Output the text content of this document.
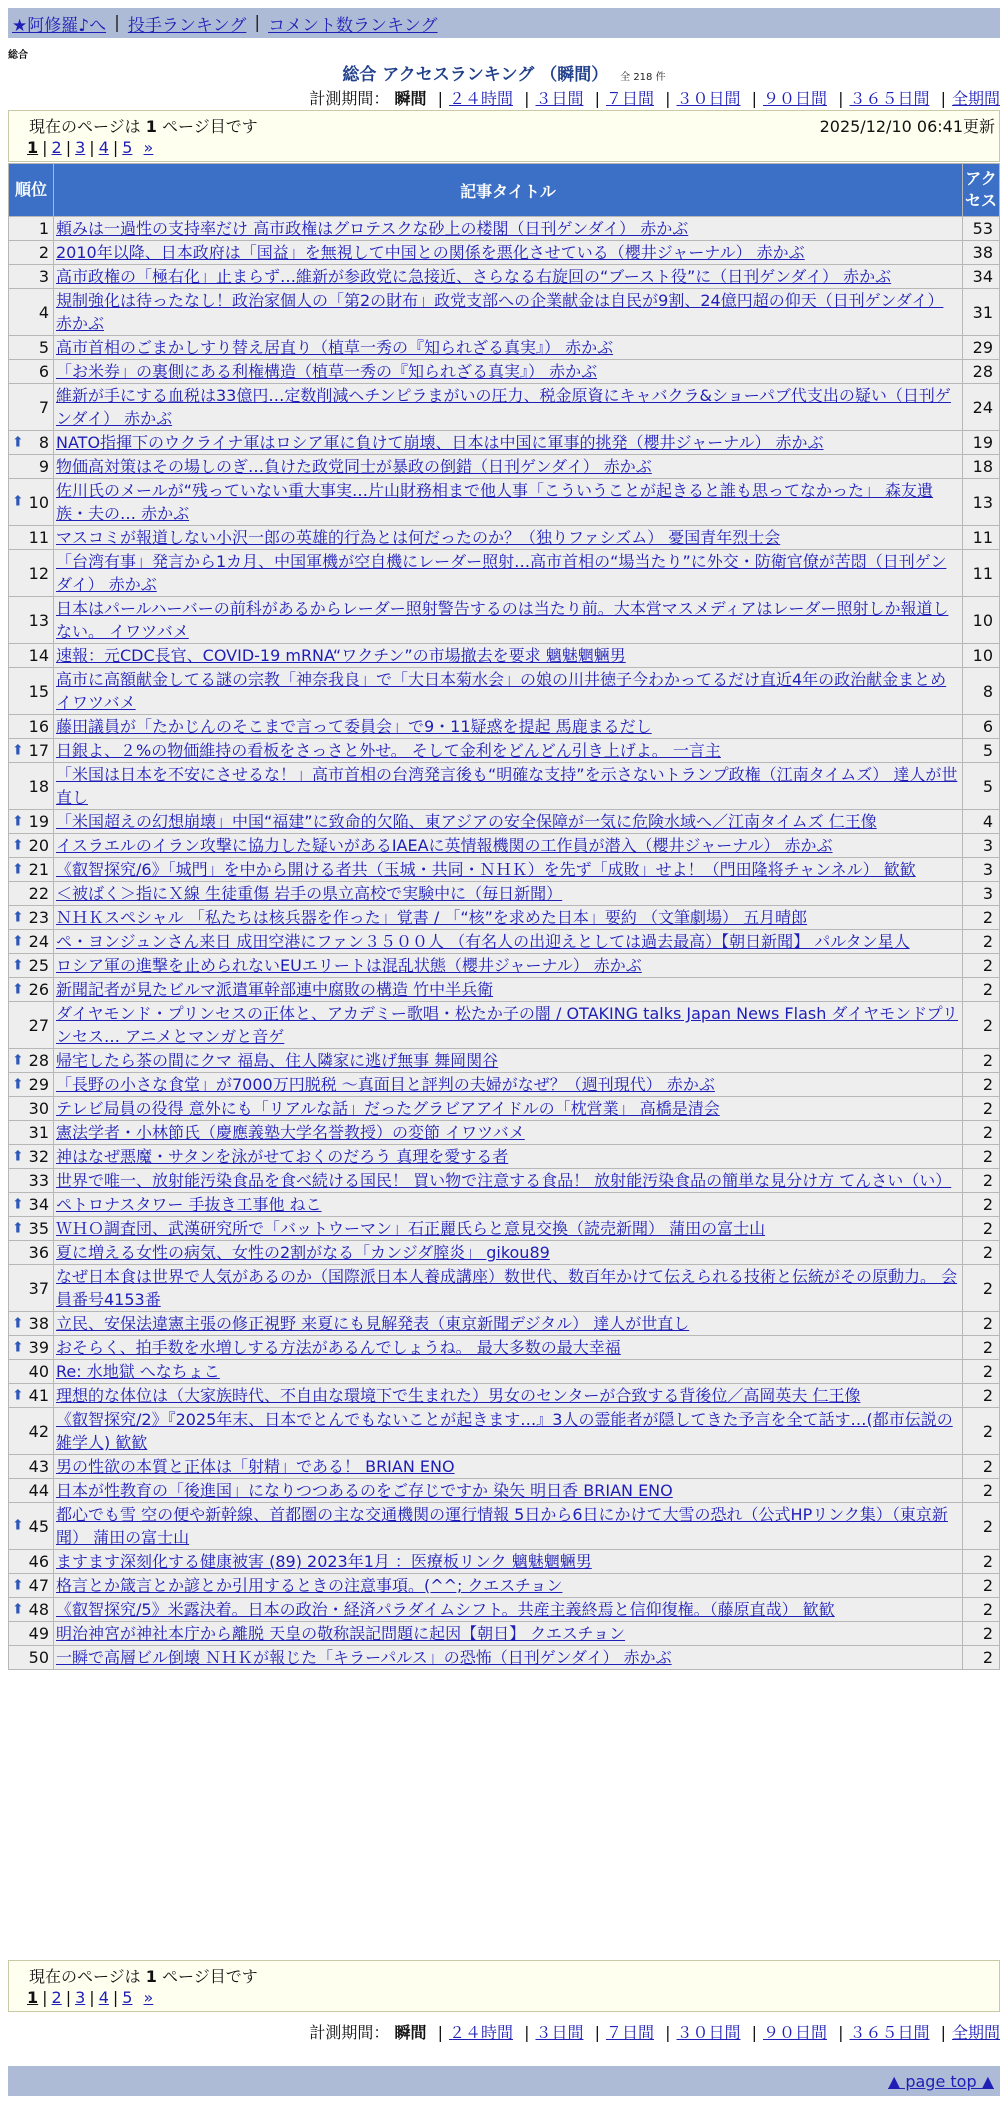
★阿修羅♪へ | 投手ランキング | コメント数ランキング
総合
総合 アクセスランキング （瞬間） 全 218 件
計測期間： 瞬間 | ２４時間 | ３日間 | ７日間 | ３０日間 | ９０日間 | ３６５日間 | 全期間
現在のページは 1 ページ目です	2025/12/10 06:41更新
1 | 2 | 3 | 4 | 5 »
順位	記事タイトル	アクセス
1	頼みは一過性の支持率だけ 高市政権はグロテスクな砂上の楼閣（日刊ゲンダイ） 赤かぶ	53
2	2010年以降、日本政府は「国益」を無視して中国との関係を悪化させている（櫻井ジャーナル） 赤かぶ	38
3	高市政権の「極右化」止まらず…維新が参政党に急接近、さらなる右旋回の“ブースト役”に（日刊ゲンダイ） 赤かぶ	34
4	規制強化は待ったなし！政治家個人の「第2の財布」政党支部への企業献金は自民が9割、24億円超の仰天（日刊ゲンダイ） 赤かぶ	31
5	高市首相のごまかしすり替え居直り（植草一秀の『知られざる真実』） 赤かぶ	29
6	「お米券」の裏側にある利権構造（植草一秀の『知られざる真実』） 赤かぶ	28
7	維新が手にする血税は33億円…定数削減ヘチンピラまがいの圧力、税金原資にキャバクラ&ショーパブ代支出の疑い（日刊ゲンダイ） 赤かぶ	24

⬆ 8	NATO指揮下のウクライナ軍はロシア軍に負けて崩壊、日本は中国に軍事的挑発（櫻井ジャーナル） 赤かぶ	19
9	物価高対策はその場しのぎ…負けた政党同士が暴政の倒錯（日刊ゲンダイ） 赤かぶ	18

⬆ 10	佐川氏のメールが“残っていない重大事実…片山財務相まで他人事「こういうことが起きると誰も思ってなかった」 森友遺族・夫の… 赤かぶ	13
11	マスコミが報道しない小沢一郎の英雄的行為とは何だったのか？（独りファシズム） 憂国青年烈士会	11
12	「台湾有事」発言から1カ月、中国軍機が空自機にレーダー照射…高市首相の“場当たり”に外交・防衛官僚が苦悶（日刊ゲンダイ） 赤かぶ	11
13	日本はパールハーバーの前科があるからレーダー照射警告するのは当たり前。大本営マスメディアはレーダー照射しか報道しない。 イワツバメ	10
14	速報：元CDC長官、COVID-19 mRNA“ワクチン”の市場撤去を要求 魑魅魍魎男	10
15	高市に高額献金してる謎の宗教「神奈我良」で「大日本菊水会」の娘の川井徳子今わかってるだけ直近4年の政治献金まとめ イワツバメ	8
16	藤田議員が「たかじんのそこまで言って委員会」で9・11疑惑を提起 馬鹿まるだし	6

⬆ 17	日銀よ、２%の物価維持の看板をさっさと外せ。 そして金利をどんどん引き上げよ。 一言主	5
18	「米国は日本を不安にさせるな！」高市首相の台湾発言後も“明確な支持”を示さないトランプ政権（江南タイムズ） 達人が世直し	5

⬆ 19	「米国超えの幻想崩壊」中国“福建”に致命的欠陥、東アジアの安全保障が一気に危険水域へ／江南タイムズ 仁王像	4

⬆ 20	イスラエルのイラン攻撃に協力した疑いがあるIAEAに英情報機関の工作員が潜入（櫻井ジャーナル） 赤かぶ	3

⬆ 21	《叡智探究/6》「城門」を中から開ける者共（玉城・共同・ＮＨＫ）を先ず「成敗」せよ！（門田隆将チャンネル） 歓歓	3
22	＜被ばく＞指にＸ線 生徒重傷 岩手の県立高校で実験中に（毎日新聞）	3

⬆ 23	ＮＨＫスペシャル 「私たちは核兵器を作った」覚書 / 「“核”を求めた日本」要約 （文筆劇場） 五月晴郎	2

⬆ 24	ペ・ヨンジュンさん来日 成田空港にファン３５００人 （有名人の出迎えとしては過去最高）【朝日新聞】 パルタン星人	2

⬆ 25	ロシア軍の進撃を止められないEUエリートは混乱状態（櫻井ジャーナル） 赤かぶ	2

⬆ 26	新聞記者が見たビルマ派遣軍幹部連中腐敗の構造 竹中半兵衛	2
27	ダイヤモンド・プリンセスの正体と、アカデミー歌唱・松たか子の闇 / OTAKING talks Japan News Flash ダイヤモンドプリンセス… アニメとマンガと音ゲ	2

⬆ 28	帰宅したら茶の間にクマ 福島、住人隣家に逃げ無事 舞岡関谷	2

⬆ 29	「長野の小さな食堂」が7000万円脱税 ～真面目と評判の夫婦がなぜ？（週刊現代） 赤かぶ	2
30	テレビ局員の役得 意外にも「リアルな話」だったグラビアアイドルの「枕営業」 高橋是清会	2
31	憲法学者・小林節氏（慶應義塾大学名誉教授）の変節 イワツバメ	2

⬆ 32	神はなぜ悪魔・サタンを泳がせておくのだろう 真理を愛する者	2
33	世界で唯一、放射能汚染食品を食べ続ける国民！ 買い物で注意する食品！ 放射能汚染食品の簡単な見分け方 てんさい（い）	2

⬆ 34	ペトロナスタワー 手抜き工事他 ねこ	2

⬆ 35	ＷＨＯ調査団、武漢研究所で「バットウーマン」石正麗氏らと意見交換（読売新聞） 蒲田の富士山	2
36	夏に増える女性の病気、女性の2割がなる「カンジダ膣炎」 gikou89	2
37	なぜ日本食は世界で人気があるのか（国際派日本人養成講座）数世代、数百年かけて伝えられる技術と伝統がその原動力。 会員番号4153番	2

⬆ 38	立民、安保法違憲主張の修正視野 来夏にも見解発表（東京新聞デジタル） 達人が世直し	2

⬆ 39	おそらく、拍手数を水増しする方法があるんでしょうね。 最大多数の最大幸福	2
40	Re: 水地獄 へなちょこ	2

⬆ 41	理想的な体位は（大家族時代、不自由な環境下で生まれた）男女のセンターが合致する背後位／高岡英夫 仁王像	2
42	《叡智探究/2》『2025年末、日本でとんでもないことが起きます…』3人の霊能者が隠してきた予言を全て話す…(都市伝説の雑学人) 歓歓	2
43	男の性欲の本質と正体は「射精」である！ BRIAN ENO	2
44	日本が性教育の「後進国」になりつつあるのをご存じですか 染矢 明日香 BRIAN ENO	2

⬆ 45	都心でも雪 空の便や新幹線、首都圏の主な交通機関の運行情報 5日から6日にかけて大雪の恐れ（公式HPリンク集）（東京新聞） 蒲田の富士山	2
46	ますます深刻化する健康被害 (89) 2023年1月 ：医療板リンク 魑魅魍魎男	2

⬆ 47	格言とか箴言とか諺とか引用するときの注意事項。(^^; クエスチョン	2

⬆ 48	《叡智探究/5》米露決着。日本の政治・経済パラダイムシフト。共産主義終焉と信仰復権。（藤原直哉） 歓歓	2
49	明治神宮が神社本庁から離脱 天皇の敬称誤記問題に起因【朝日】 クエスチョン	2
50	一瞬で高層ビル倒壊 ＮＨＫが報じた「キラーパルス」の恐怖（日刊ゲンダイ） 赤かぶ	2
現在のページは 1 ページ目です
1 | 2 | 3 | 4 | 5 »
計測期間： 瞬間 | ２４時間 | ３日間 | ７日間 | ３０日間 | ９０日間 | ３６５日間 | 全期間
▲ page top ▲
